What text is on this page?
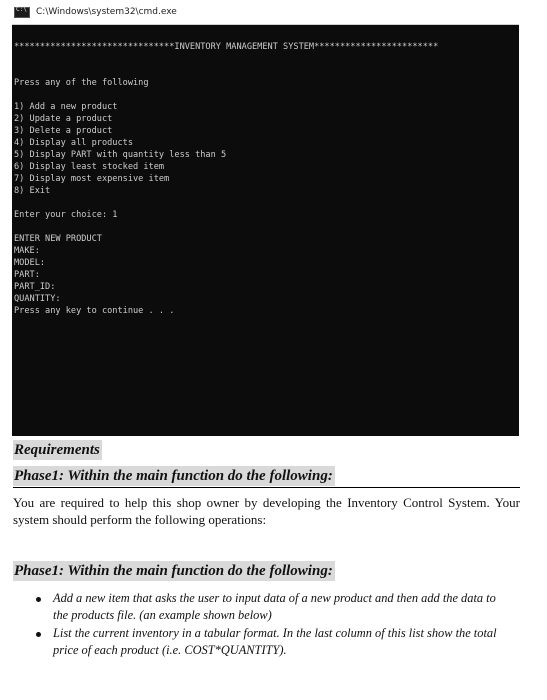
C:\
C:\Windows\system32\cmd.exe
*******************************INVENTORY MANAGEMENT SYSTEM************************
Press any of the following
1) Add a new product
2) Update a product
3) Delete a product
4) Display all products
5) Display PART with quantity less than 5
6) Display least stocked item
7) Display most expensive item
8) Exit
Enter your choice: 1
ENTER NEW PRODUCT
MAKE:
MODEL:
PART:
PART_ID:
QUANTITY:
Press any key to continue . . .
Requirements
Phase1: Within the main function do the following:
You are required to help this shop owner by developing the Inventory Control System. Your system should perform the following operations:
Phase1: Within the main function do the following:
Add a new item that asks the user to input data of a new product and then add the data to the products file. (an example shown below)
List the current inventory in a tabular format. In the last column of this list show the total price of each product (i.e. COST*QUANTITY).
